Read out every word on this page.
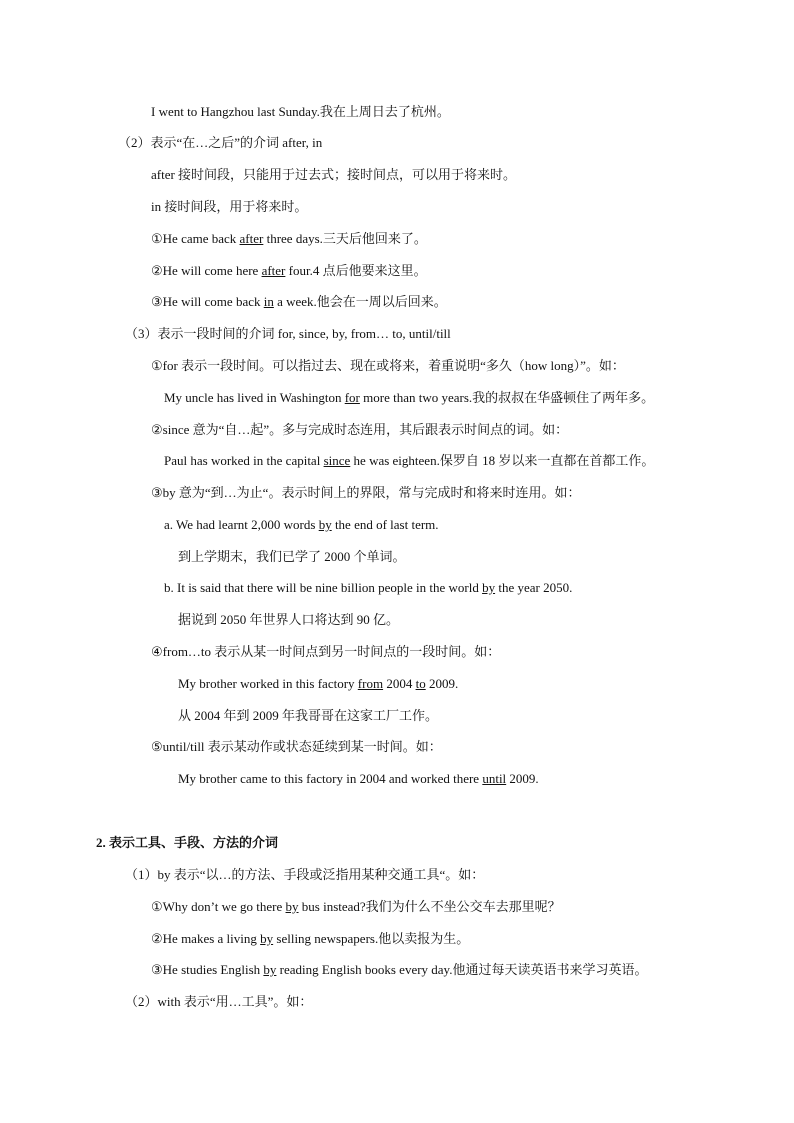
I went to Hangzhou last Sunday.我在上周日去了杭州。
（2）表示“在…之后”的介词 after, in
after 接时间段，只能用于过去式；接时间点，可以用于将来时。
in 接时间段，用于将来时。
①He came back after three days.三天后他回来了。
②He will come here after four.4 点后他要来这里。
③He will come back in a week.他会在一周以后回来。
（3）表示一段时间的介词 for, since, by, from… to, until/till
①for 表示一段时间。可以指过去、现在或将来，着重说明“多久（how long）”。如：
My uncle has lived in Washington for more than two years.我的叔叔在华盛顿住了两年多。
②since 意为“自…起”。多与完成时态连用，其后跟表示时间点的词。如：
Paul has worked in the capital since he was eighteen.保罗自 18 岁以来一直都在首都工作。
③by 意为“到…为止“。表示时间上的界限，常与完成时和将来时连用。如：
a. We had learnt 2,000 words by the end of last term.
到上学期末，我们已学了 2000 个单词。
b. It is said that there will be nine billion people in the world by the year 2050.
据说到 2050 年世界人口将达到 90 亿。
④from…to 表示从某一时间点到另一时间点的一段时间。如：
My brother worked in this factory from 2004 to 2009.
从 2004 年到 2009 年我哥哥在这家工厂工作。
⑤until/till 表示某动作或状态延续到某一时间。如：
My brother came to this factory in 2004 and worked there until 2009.
2. 表示工具、手段、方法的介词
（1）by 表示“以…的方法、手段或泛指用某种交通工具“。如：
①Why don’t we go there by bus instead?我们为什么不坐公交车去那里呢？
②He makes a living by selling newspapers.他以卖报为生。
③He studies English by reading English books every day.他通过每天读英语书来学习英语。
（2）with 表示“用…工具”。如：
